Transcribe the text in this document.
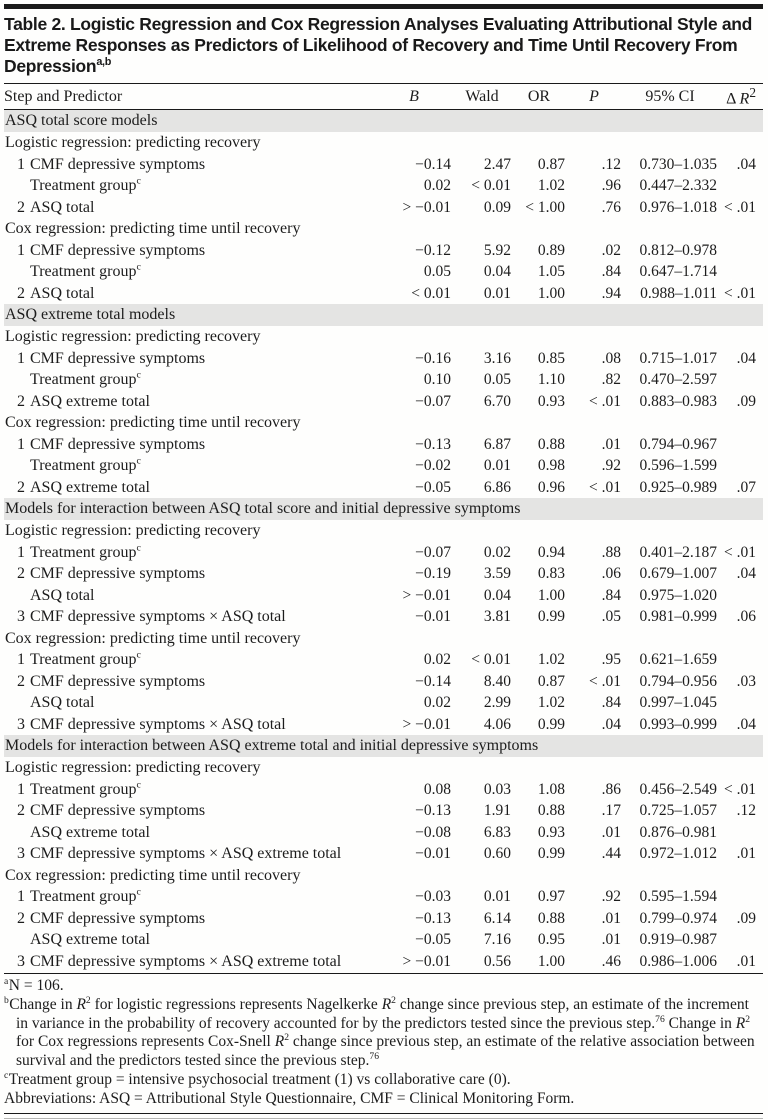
Table 2. Logistic Regression and Cox Regression Analyses Evaluating Attributional Style and Extreme Responses as Predictors of Likelihood of Recovery and Time Until Recovery From Depression$^{a,b}$
Step and Predictor	B	Wald	OR	P	95% CI	Δ $R^2$
ASQ total score models						
Logistic regression: predicting recovery						
1 CMF depressive symptoms	−0.14	2.47	0.87	.12	0.730–1.035	.04
Treatment group$^c$	0.02	< 0.01	1.02	.96	0.447–2.332	
2 ASQ total	> −0.01	0.09	< 1.00	.76	0.976–1.018	< .01
Cox regression: predicting time until recovery						
1 CMF depressive symptoms	−0.12	5.92	0.89	.02	0.812–0.978	
Treatment group$^c$	0.05	0.04	1.05	.84	0.647–1.714	
2 ASQ total	< 0.01	0.01	1.00	.94	0.988–1.011	< .01
ASQ extreme total models						
Logistic regression: predicting recovery						
1 CMF depressive symptoms	−0.16	3.16	0.85	.08	0.715–1.017	.04
Treatment group$^c$	0.10	0.05	1.10	.82	0.470–2.597	
2 ASQ extreme total	−0.07	6.70	0.93	< .01	0.883–0.983	.09
Cox regression: predicting time until recovery						
1 CMF depressive symptoms	−0.13	6.87	0.88	.01	0.794–0.967	
Treatment group$^c$	−0.02	0.01	0.98	.92	0.596–1.599	
2 ASQ extreme total	−0.05	6.86	0.96	< .01	0.925–0.989	.07
Models for interaction between ASQ total score and initial depressive symptoms						
Logistic regression: predicting recovery						
1 Treatment group$^c$	−0.07	0.02	0.94	.88	0.401–2.187	< .01
2 CMF depressive symptoms	−0.19	3.59	0.83	.06	0.679–1.007	.04
ASQ total	> −0.01	0.04	1.00	.84	0.975–1.020	
3 CMF depressive symptoms × ASQ total	−0.01	3.81	0.99	.05	0.981–0.999	.06
Cox regression: predicting time until recovery						
1 Treatment group$^c$	0.02	< 0.01	1.02	.95	0.621–1.659	
2 CMF depressive symptoms	−0.14	8.40	0.87	< .01	0.794–0.956	.03
ASQ total	0.02	2.99	1.02	.84	0.997–1.045	
3 CMF depressive symptoms × ASQ total	> −0.01	4.06	0.99	.04	0.993–0.999	.04
Models for interaction between ASQ extreme total and initial depressive symptoms						
Logistic regression: predicting recovery						
1 Treatment group$^c$	0.08	0.03	1.08	.86	0.456–2.549	< .01
2 CMF depressive symptoms	−0.13	1.91	0.88	.17	0.725–1.057	.12
ASQ extreme total	−0.08	6.83	0.93	.01	0.876–0.981	
3 CMF depressive symptoms × ASQ extreme total	−0.01	0.60	0.99	.44	0.972–1.012	.01
Cox regression: predicting time until recovery						
1 Treatment group$^c$	−0.03	0.01	0.97	.92	0.595–1.594	
2 CMF depressive symptoms	−0.13	6.14	0.88	.01	0.799–0.974	.09
ASQ extreme total	−0.05	7.16	0.95	.01	0.919–0.987	
3 CMF depressive symptoms × ASQ extreme total	> −0.01	0.56	1.00	.46	0.986–1.006	.01
$^a$N = 106.
$^b$Change in $R^2$ for logistic regressions represents Nagelkerke $R^2$ change since previous step, an estimate of the increment in variance in the probability of recovery accounted for by the predictors tested since the previous step.$^{76}$ Change in $R^2$ for Cox regressions represents Cox-Snell $R^2$ change since previous step, an estimate of the relative association between survival and the predictors tested since the previous step.$^{76}$
$^c$Treatment group = intensive psychosocial treatment (1) vs collaborative care (0).
Abbreviations: ASQ = Attributional Style Questionnaire, CMF = Clinical Monitoring Form.
